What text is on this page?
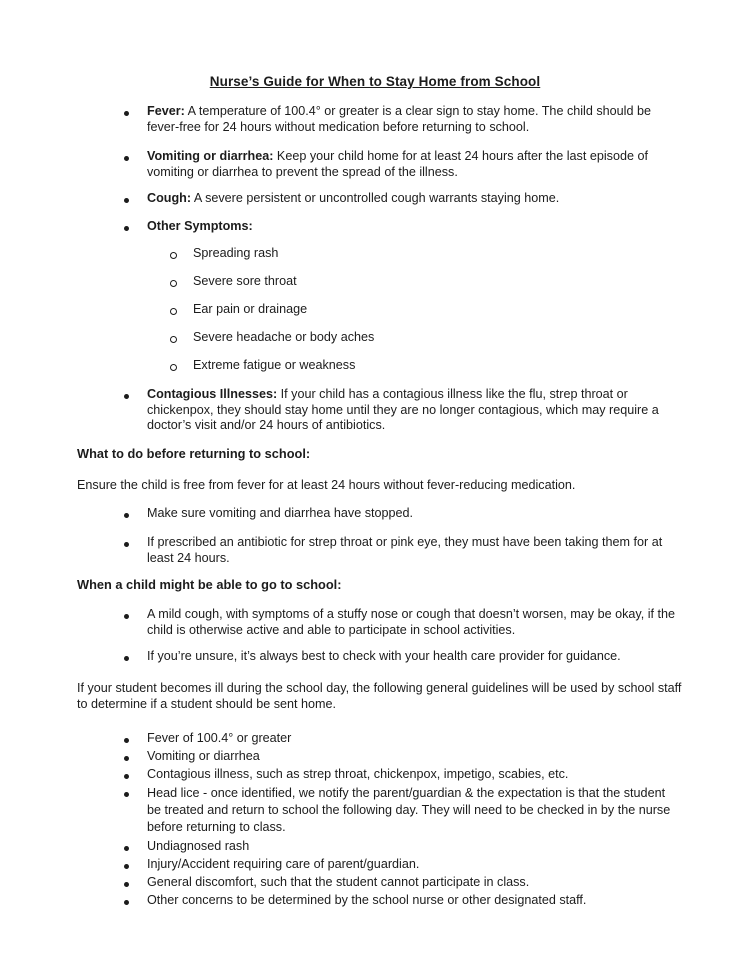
Nurse’s Guide for When to Stay Home from School
Fever: A temperature of 100.4° or greater is a clear sign to stay home. The child should be fever-free for 24 hours without medication before returning to school.
Vomiting or diarrhea: Keep your child home for at least 24 hours after the last episode of vomiting or diarrhea to prevent the spread of the illness.
Cough: A severe persistent or uncontrolled cough warrants staying home.
Other Symptoms:
Spreading rash
Severe sore throat
Ear pain or drainage
Severe headache or body aches
Extreme fatigue or weakness
Contagious Illnesses: If your child has a contagious illness like the flu, strep throat or chickenpox, they should stay home until they are no longer contagious, which may require a doctor’s visit and/or 24 hours of antibiotics.
What to do before returning to school:
Ensure the child is free from fever for at least 24 hours without fever-reducing medication.
Make sure vomiting and diarrhea have stopped.
If prescribed an antibiotic for strep throat or pink eye, they must have been taking them for at least 24 hours.
When a child might be able to go to school:
A mild cough, with symptoms of a stuffy nose or cough that doesn’t worsen, may be okay, if the child is otherwise active and able to participate in school activities.
If you’re unsure, it’s always best to check with your health care provider for guidance.
If your student becomes ill during the school day, the following general guidelines will be used by school staff to determine if a student should be sent home.
Fever of 100.4° or greater
Vomiting or diarrhea
Contagious illness, such as strep throat, chickenpox, impetigo, scabies, etc.
Head lice - once identified, we notify the parent/guardian & the expectation is that the student be treated and return to school the following day. They will need to be checked in by the nurse before returning to class.
Undiagnosed rash
Injury/Accident requiring care of parent/guardian.
General discomfort, such that the student cannot participate in class.
Other concerns to be determined by the school nurse or other designated staff.
